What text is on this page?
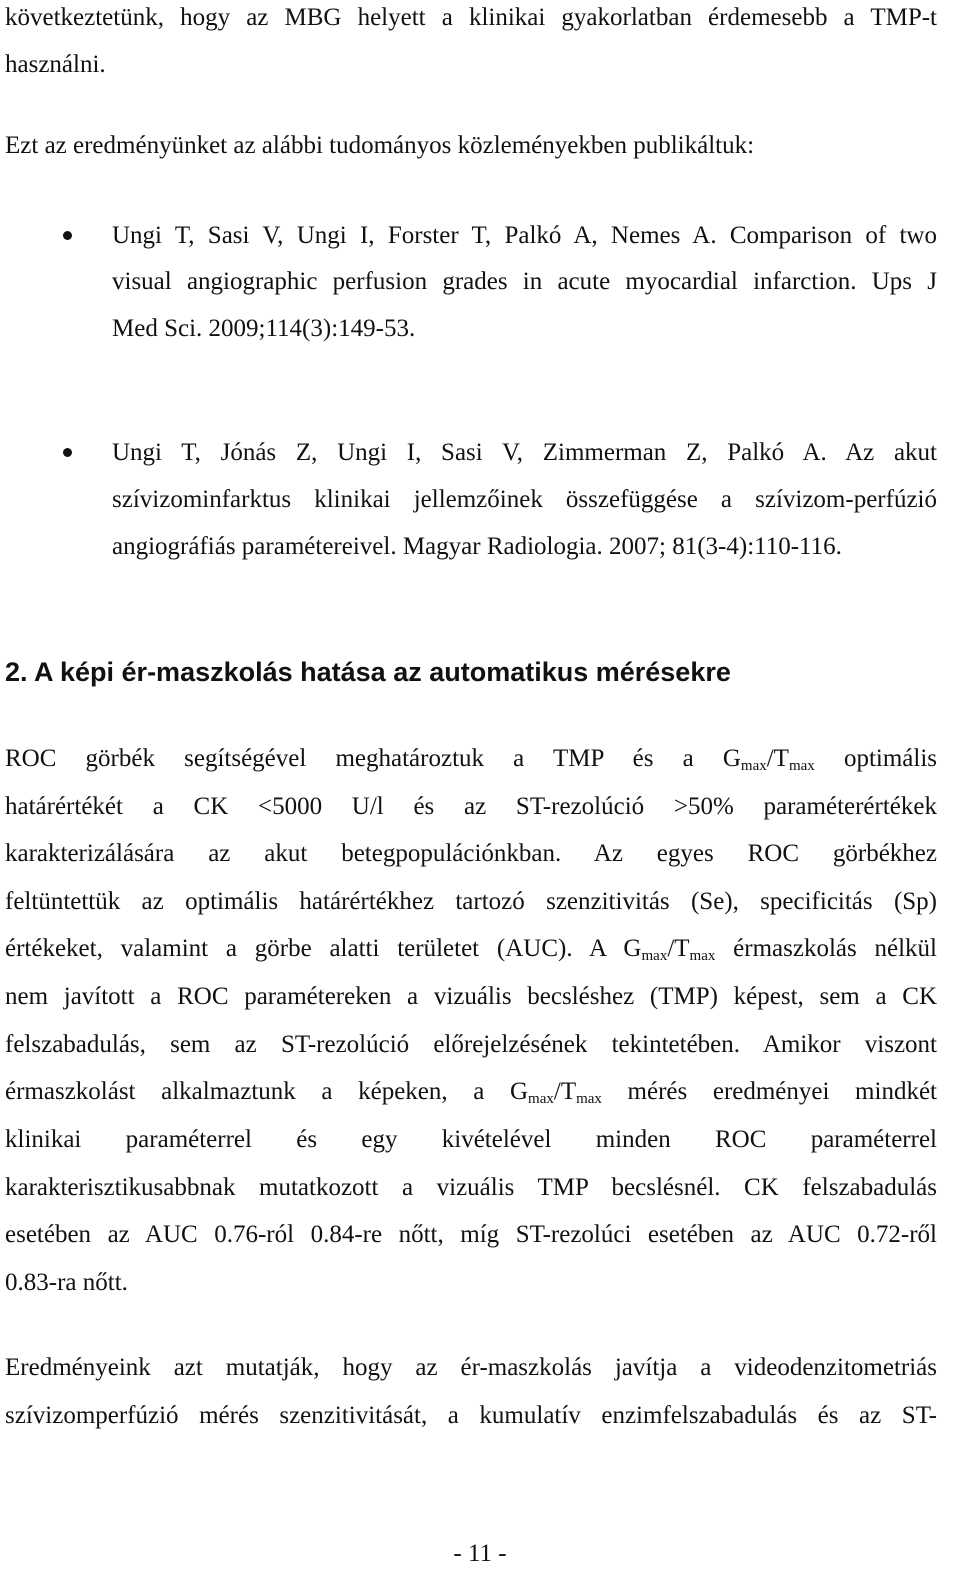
következtetünk, hogy az MBG helyett a klinikai gyakorlatban érdemesebb a TMP-t
használni.
Ezt az eredményünket az alábbi tudományos közleményekben publikáltuk:
Ungi T, Sasi V, Ungi I, Forster T, Palkó A, Nemes A. Comparison of two
visual angiographic perfusion grades in acute myocardial infarction. Ups J
Med Sci. 2009;114(3):149-53.
Ungi T, Jónás Z, Ungi I, Sasi V, Zimmerman Z, Palkó A. Az akut
szívizominfarktus klinikai jellemzőinek összefüggése a szívizom-perfúzió
angiográfiás paramétereivel. Magyar Radiologia. 2007; 81(3-4):110-116.
2. A képi ér-maszkolás hatása az automatikus mérésekre
ROC görbék segítségével meghatároztuk a TMP és a $G_{max}/T_{max}$ optimális
határértékét a CK <5000 U/l és az ST-rezolúció >50% paraméterértékek
karakterizálására az akut betegpopulációnkban. Az egyes ROC görbékhez
feltüntettük az optimális határértékhez tartozó szenzitivitás (Se), specificitás (Sp)
értékeket, valamint a görbe alatti területet (AUC). A $G_{max}/T_{max}$ érmaszkolás nélkül
nem javított a ROC paramétereken a vizuális becsléshez (TMP) képest, sem a CK
felszabadulás, sem az ST-rezolúció előrejelzésének tekintetében. Amikor viszont
érmaszkolást alkalmaztunk a képeken, a $G_{max}/T_{max}$ mérés eredményei mindkét
klinikai paraméterrel és egy kivételével minden ROC paraméterrel
karakterisztikusabbnak mutatkozott a vizuális TMP becslésnél. CK felszabadulás
esetében az AUC 0.76-ról 0.84-re nőtt, míg ST-rezolúci esetében az AUC 0.72-ről
0.83-ra nőtt.
Eredményeink azt mutatják, hogy az ér-maszkolás javítja a videodenzitometriás
szívizomperfúzió mérés szenzitivitását, a kumulatív enzimfelszabadulás és az ST-
- 11 -
